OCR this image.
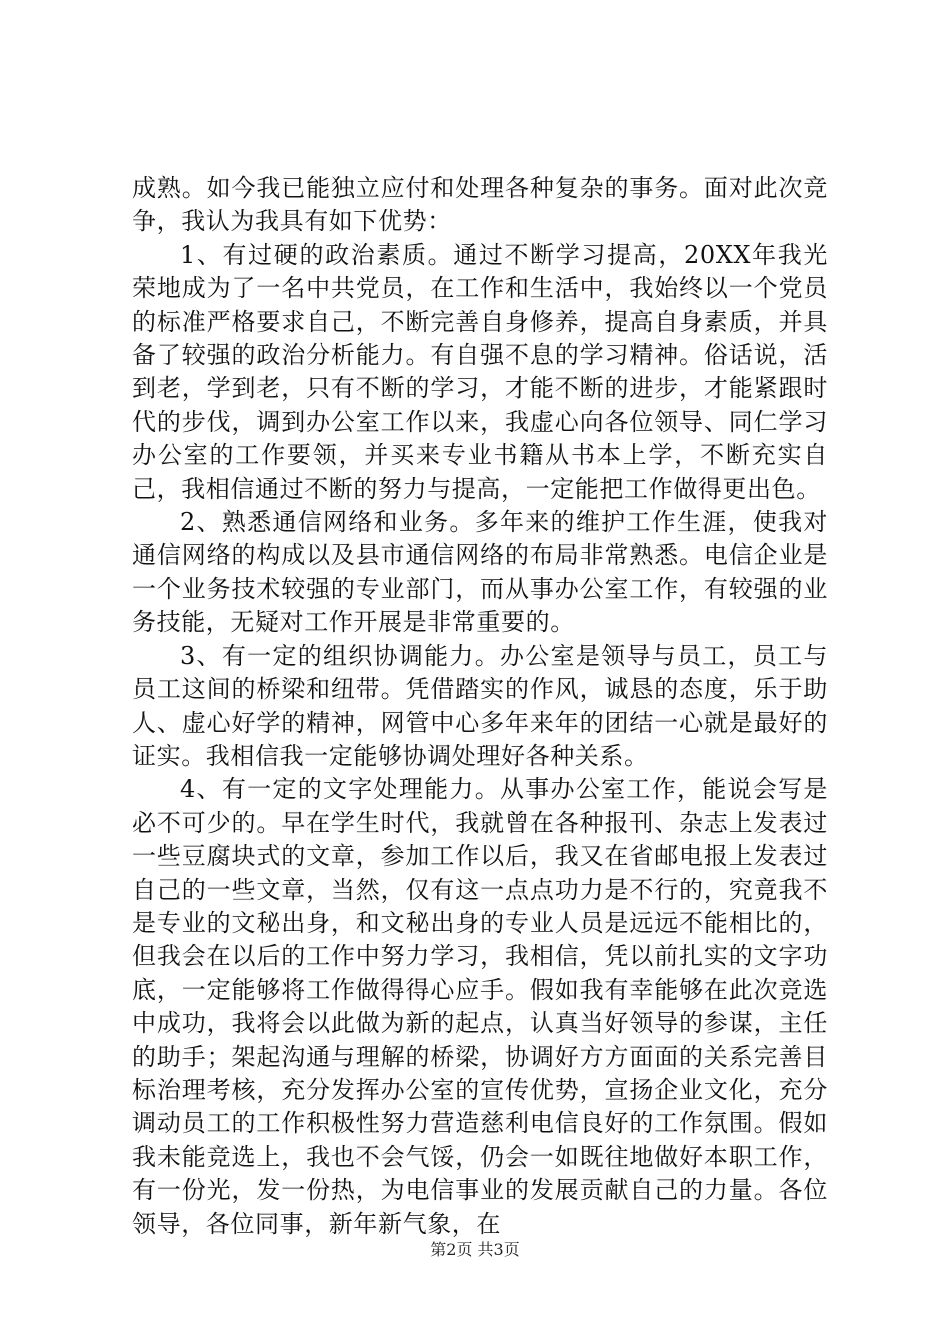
成熟。如今我已能独立应付和处理各种复杂的事务。面对此次竞争，我认为我具有如下优势：

1、有过硬的政治素质。通过不断学习提高，20XX年我光荣地成为了一名中共党员，在工作和生活中，我始终以一个党员的标准严格要求自己，不断完善自身修养，提高自身素质，并具备了较强的政治分析能力。有自强不息的学习精神。俗话说，活到老，学到老，只有不断的学习，才能不断的进步，才能紧跟时代的步伐，调到办公室工作以来，我虚心向各位领导、同仁学习办公室的工作要领，并买来专业书籍从书本上学，不断充实自己，我相信通过不断的努力与提高，一定能把工作做得更出色。

2、熟悉通信网络和业务。多年来的维护工作生涯，使我对通信网络的构成以及县市通信网络的布局非常熟悉。电信企业是一个业务技术较强的专业部门，而从事办公室工作，有较强的业务技能，无疑对工作开展是非常重要的。

3、有一定的组织协调能力。办公室是领导与员工，员工与员工这间的桥梁和纽带。凭借踏实的作风，诚恳的态度，乐于助人、虚心好学的精神，网管中心多年来年的团结一心就是最好的证实。我相信我一定能够协调处理好各种关系。

4、有一定的文字处理能力。从事办公室工作，能说会写是必不可少的。早在学生时代，我就曾在各种报刊、杂志上发表过一些豆腐块式的文章，参加工作以后，我又在省邮电报上发表过自己的一些文章，当然，仅有这一点点功力是不行的，究竟我不是专业的文秘出身，和文秘出身的专业人员是远远不能相比的，但我会在以后的工作中努力学习，我相信，凭以前扎实的文字功底，一定能够将工作做得得心应手。假如我有幸能够在此次竞选中成功，我将会以此做为新的起点，认真当好领导的参谋，主任的助手；架起沟通与理解的桥梁，协调好方方面面的关系完善目标治理考核，充分发挥办公室的宣传优势，宣扬企业文化，充分调动员工的工作积极性努力营造慈利电信良好的工作氛围。假如我未能竞选上，我也不会气馁，仍会一如既往地做好本职工作，有一份光，发一份热，为电信事业的发展贡献自己的力量。各位领导，各位同事，新年新气象，在

第2页 共3页
